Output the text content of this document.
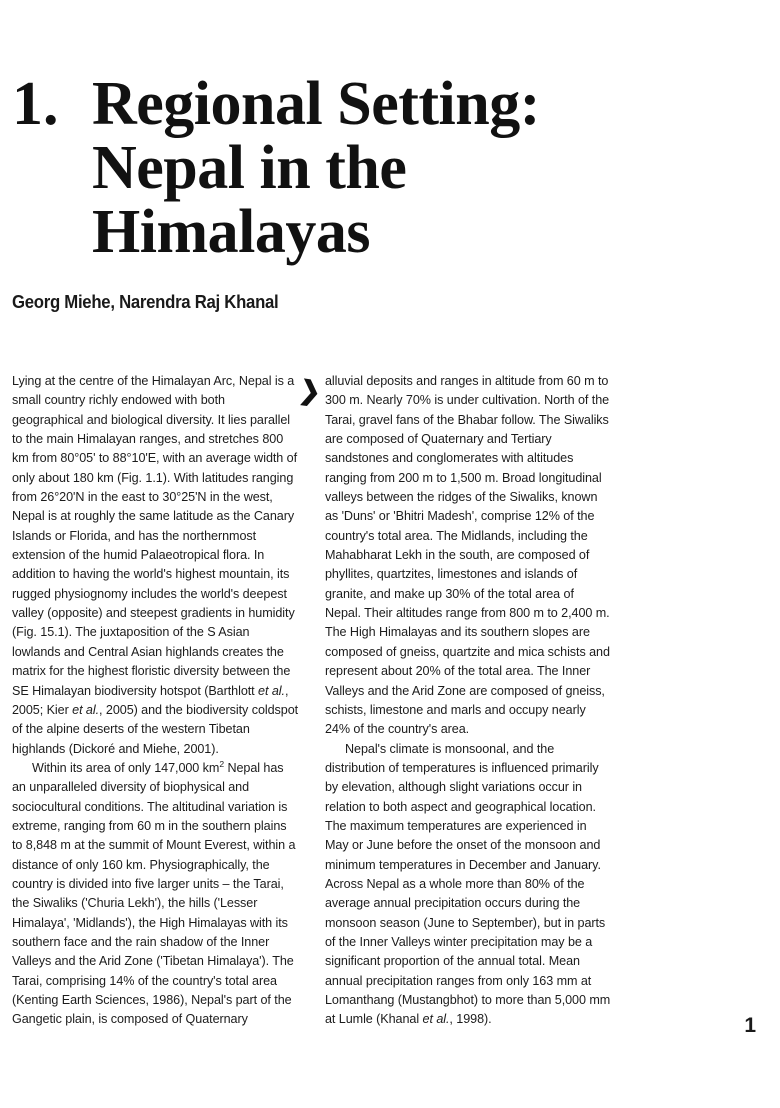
1. Regional Setting:
Nepal in the
Himalayas
Georg Miehe, Narendra Raj Khanal
❯

Lying at the centre of the Himalayan Arc, Nepal is a small country richly endowed with both geographical and biological diversity. It lies parallel to the main Himalayan ranges, and stretches 800 km from 80°05' to 88°10'E, with an average width of only about 180 km (Fig. 1.1). With latitudes ranging from 26°20'N in the east to 30°25'N in the west, Nepal is at roughly the same latitude as the Canary Islands or Florida, and has the northernmost extension of the humid Palaeotropical flora. In addition to having the world's highest mountain, its rugged physiognomy includes the world's deepest valley (opposite) and steepest gradients in humidity (Fig. 15.1). The juxtaposition of the S Asian lowlands and Central Asian highlands creates the matrix for the highest floristic diversity between the SE Himalayan biodiversity hotspot (Barthlott et al., 2005; Kier et al., 2005) and the biodiversity coldspot of the alpine deserts of the western Tibetan highlands (Dickoré and Miehe, 2001).

Within its area of only 147,000 $km^2$ Nepal has an unparalleled diversity of biophysical and sociocultural conditions. The altitudinal variation is extreme, ranging from 60 m in the southern plains to 8,848 m at the summit of Mount Everest, within a distance of only 160 km. Physiographically, the country is divided into five larger units – the Tarai, the Siwaliks ('Churia Lekh'), the hills ('Lesser Himalaya', 'Midlands'), the High Himalayas with its southern face and the rain shadow of the Inner Valleys and the Arid Zone ('Tibetan Himalaya'). The Tarai, comprising 14% of the country's total area (Kenting Earth Sciences, 1986), Nepal's part of the Gangetic plain, is composed of Quaternary

alluvial deposits and ranges in altitude from 60 m to 300 m. Nearly 70% is under cultivation. North of the Tarai, gravel fans of the Bhabar follow. The Siwaliks are composed of Quaternary and Tertiary sandstones and conglomerates with altitudes ranging from 200 m to 1,500 m. Broad longitudinal valleys between the ridges of the Siwaliks, known as 'Duns' or 'Bhitri Madesh', comprise 12% of the country's total area. The Midlands, including the Mahabharat Lekh in the south, are composed of phyllites, quartzites, limestones and islands of granite, and make up 30% of the total area of Nepal. Their altitudes range from 800 m to 2,400 m. The High Himalayas and its southern slopes are composed of gneiss, quartzite and mica schists and represent about 20% of the total area. The Inner Valleys and the Arid Zone are composed of gneiss, schists, limestone and marls and occupy nearly 24% of the country's area.

Nepal's climate is monsoonal, and the distribution of temperatures is influenced primarily by elevation, although slight variations occur in relation to both aspect and geographical location. The maximum temperatures are experienced in May or June before the onset of the monsoon and minimum temperatures in December and January. Across Nepal as a whole more than 80% of the average annual precipitation occurs during the monsoon season (June to September), but in parts of the Inner Valleys winter precipitation may be a significant proportion of the annual total. Mean annual precipitation ranges from only 163 mm at Lomanthang (Mustangbhot) to more than 5,000 mm at Lumle (Khanal et al., 1998).	1
